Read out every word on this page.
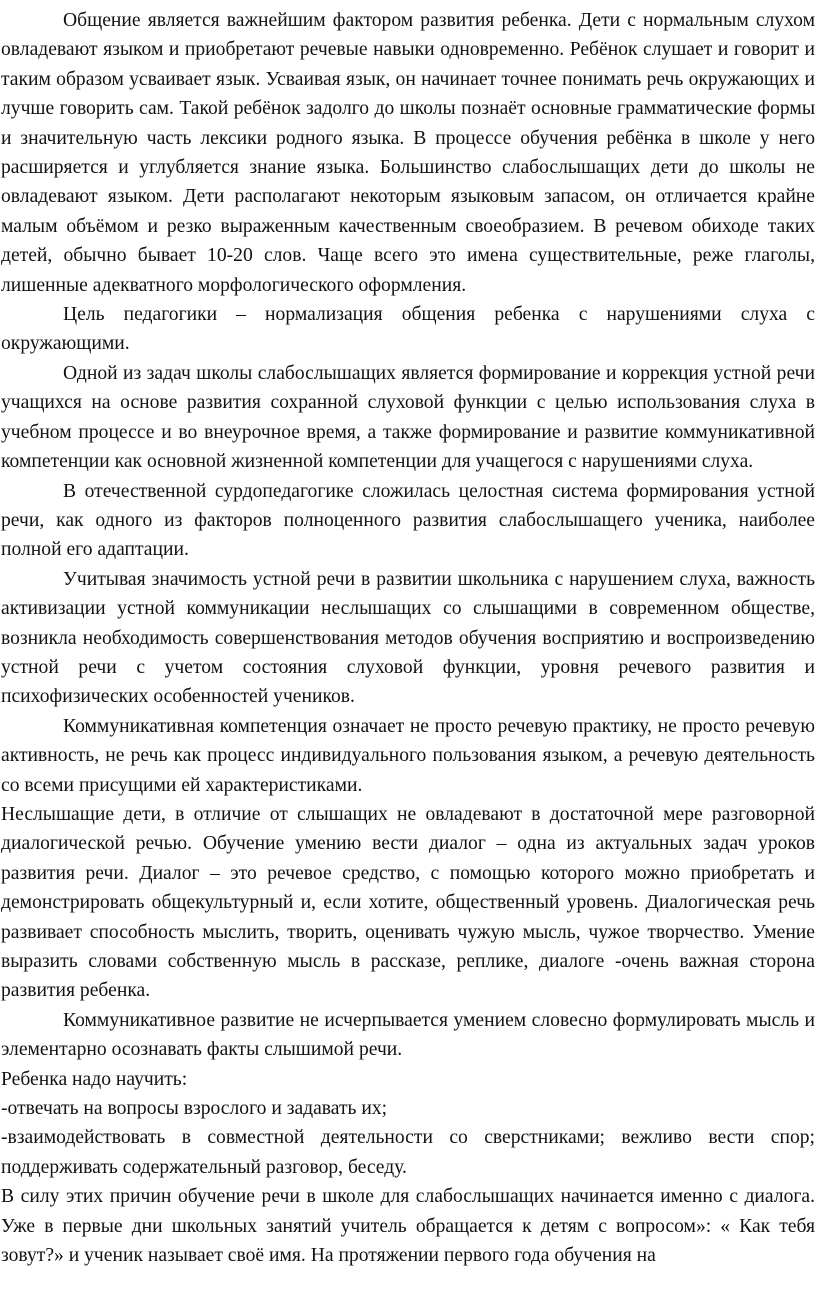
Общение является важнейшим фактором развития ребенка. Дети с нормальным слухом овладевают языком и приобретают речевые навыки одновременно. Ребёнок слушает и говорит и таким образом усваивает язык. Усваивая язык, он начинает точнее понимать речь окружающих и лучше говорить сам. Такой ребёнок задолго до школы познаёт основные грамматические формы и значительную часть лексики родного языка. В процессе обучения ребёнка в школе у него расширяется и углубляется знание языка. Большинство слабослышащих дети до школы не овладевают языком. Дети располагают некоторым языковым запасом, он отличается крайне малым объёмом и резко выраженным качественным своеобразием. В речевом обиходе таких детей, обычно бывает 10-20 слов. Чаще всего это имена существительные, реже глаголы, лишенные адекватного морфологического оформления.

Цель педагогики – нормализация общения ребенка с нарушениями слуха с окружающими.

Одной из задач школы слабослышащих является формирование и коррекция устной речи учащихся на основе развития сохранной слуховой функции с целью использования слуха в учебном процессе и во внеурочное время, а также формирование и развитие коммуникативной компетенции как основной жизненной компетенции для учащегося с нарушениями слуха.

В отечественной сурдопедагогике сложилась целостная система формирования устной речи, как одного из факторов полноценного развития слабослышащего ученика, наиболее полной его адаптации.

Учитывая значимость устной речи в развитии школьника с нарушением слуха, важность активизации устной коммуникации неслышащих со слышащими в современном обществе, возникла необходимость совершенствования методов обучения восприятию и воспроизведению устной речи с учетом состояния слуховой функции, уровня речевого развития и психофизических особенностей учеников.

Коммуникативная компетенция означает не просто речевую практику, не просто речевую активность, не речь как процесс индивидуального пользования языком, а речевую деятельность со всеми присущими ей характеристиками.

Неслышащие дети, в отличие от слышащих не овладевают в достаточной мере разговорной диалогической речью. Обучение умению вести диалог – одна из актуальных задач уроков развития речи. Диалог – это речевое средство, с помощью которого можно приобретать и демонстрировать общекультурный и, если хотите, общественный уровень. Диалогическая речь развивает способность мыслить, творить, оценивать чужую мысль, чужое творчество. Умение выразить словами собственную мысль в рассказе, реплике, диалоге -очень важная сторона развития ребенка.

Коммуникативное развитие не исчерпывается умением словесно формулировать мысль и элементарно осознавать факты слышимой речи.

Ребенка надо научить:

-отвечать на вопросы взрослого и задавать их;

-взаимодействовать в совместной деятельности со сверстниками; вежливо вести спор; поддерживать содержательный разговор, беседу.

В силу этих причин обучение речи в школе для слабослышащих начинается именно с диалога. Уже в первые дни школьных занятий учитель обращается к детям с вопросом»: « Как тебя зовут?» и ученик называет своё имя. На протяжении первого года обучения на
